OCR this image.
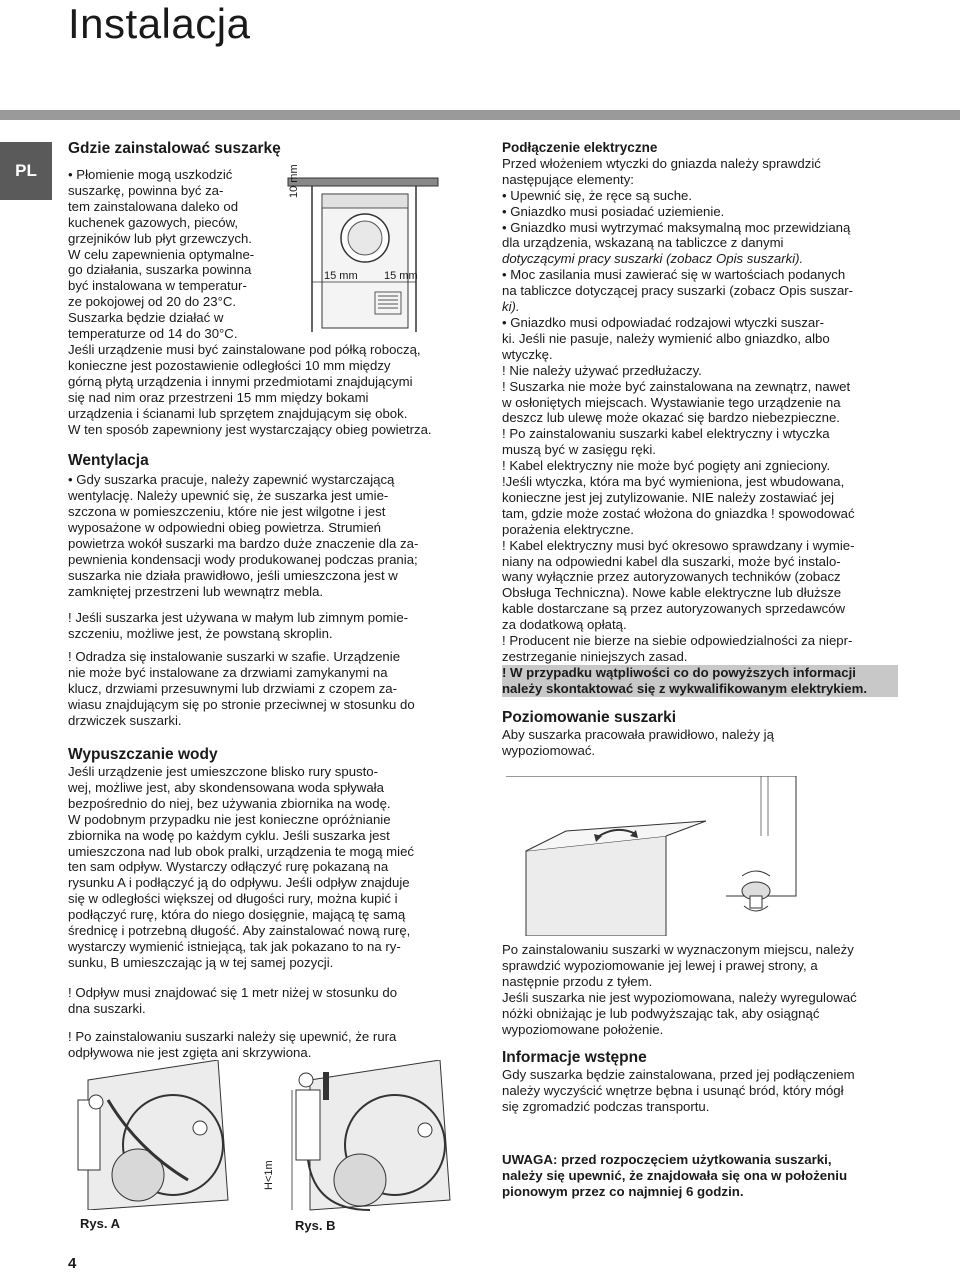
Instalacja
PL

Gdzie zainstalować suszarkę

• Płomienie mogą uszkodzić

suszarkę, powinna być za-

tem zainstalowana daleko od

kuchenek gazowych, pieców,

grzejników lub płyt grzewczych.

W celu zapewnienia optymalne-

go działania, suszarka powinna

być instalowana w temperatur-

ze pokojowej od 20 do 23°C.

Suszarka będzie działać w

temperaturze od 14 do 30°C.

Jeśli urządzenie musi być zainstalowane pod półką roboczą,

konieczne jest pozostawienie odległości 10 mm między

górną płytą urządzenia i innymi przedmiotami znajdującymi

się nad nim oraz przestrzeni 15 mm między bokami

urządzenia i ścianami lub sprzętem znajdującym się obok.

W ten sposób zapewniony jest wystarczający obieg powietrza.

Wentylacja

• Gdy suszarka pracuje, należy zapewnić wystarczającą

wentylację. Należy upewnić się, że suszarka jest umie-

szczona w pomieszczeniu, które nie jest wilgotne i jest

wyposażone w odpowiedni obieg powietrza. Strumień

powietrza wokół suszarki ma bardzo duże znaczenie dla za-

pewnienia kondensacji wody produkowanej podczas prania;

suszarka nie działa prawidłowo, jeśli umieszczona jest w

zamkniętej przestrzeni lub wewnątrz mebla.

! Jeśli suszarka jest używana w małym lub zimnym pomie-

szczeniu, możliwe jest, że powstaną skroplin.

! Odradza się instalowanie suszarki w szafie. Urządzenie

nie może być instalowane za drzwiami zamykanymi na

klucz, drzwiami przesuwnymi lub drzwiami z czopem za-

wiasu znajdującym się po stronie przeciwnej w stosunku do

drzwiczek suszarki.

Wypuszczanie wody

Jeśli urządzenie jest umieszczone blisko rury spusto-

wej, możliwe jest, aby skondensowana woda spływała

bezpośrednio do niej, bez używania zbiornika na wodę.

W podobnym przypadku nie jest konieczne opróżnianie

zbiornika na wodę po każdym cyklu. Jeśli suszarka jest

umieszczona nad lub obok pralki, urządzenia te mogą mieć

ten sam odpływ. Wystarczy odłączyć rurę pokazaną na

rysunku A i podłączyć ją do odpływu. Jeśli odpływ znajduje

się w odległości większej od długości rury, można kupić i

podłączyć rurę, która do niego dosięgnie, mającą tę samą

średnicę i potrzebną długość. Aby zainstalować nową rurę,

wystarczy wymienić istniejącą, tak jak pokazano to na ry-

sunku, B umieszczając ją w tej samej pozycji.

! Odpływ musi znajdować się 1 metr niżej w stosunku do

dna suszarki.

! Po zainstalowaniu suszarki należy się upewnić, że rura

odpływowa nie jest zgięta ani skrzywiona.

10 mm
15 mm 15 mm
H<1m
Rys. A	Rys. B

Podłączenie elektryczne

Przed włożeniem wtyczki do gniazda należy sprawdzić

następujące elementy:

• Upewnić się, że ręce są suche.

• Gniazdko musi posiadać uziemienie.

• Gniazdko musi wytrzymać maksymalną moc przewidzianą

dla urządzenia, wskazaną na tabliczce z danymi

dotyczącymi pracy suszarki (zobacz Opis suszarki).

• Moc zasilania musi zawierać się w wartościach podanych

na tabliczce dotyczącej pracy suszarki (zobacz Opis suszar-

ki).

• Gniazdko musi odpowiadać rodzajowi wtyczki suszar-

ki. Jeśli nie pasuje, należy wymienić albo gniazdko, albo

wtyczkę.

! Nie należy używać przedłużaczy.

! Suszarka nie może być zainstalowana na zewnątrz, nawet

w osłoniętych miejscach. Wystawianie tego urządzenie na

deszcz lub ulewę może okazać się bardzo niebezpieczne.

! Po zainstalowaniu suszarki kabel elektryczny i wtyczka

muszą być w zasięgu ręki.

! Kabel elektryczny nie może być pogięty ani zgnieciony.

!Jeśli wtyczka, która ma być wymieniona, jest wbudowana,

konieczne jest jej zutylizowanie. NIE należy zostawiać jej

tam, gdzie może zostać włożona do gniazdka ! spowodować

porażenia elektryczne.

! Kabel elektryczny musi być okresowo sprawdzany i wymie-

niany na odpowiedni kabel dla suszarki, może być instalo-

wany wyłącznie przez autoryzowanych techników (zobacz

Obsługa Techniczna). Nowe kable elektryczne lub dłuższe

kable dostarczane są przez autoryzowanych sprzedawców

za dodatkową opłatą.

! Producent nie bierze na siebie odpowiedzialności za niepr-

zestrzeganie niniejszych zasad.

! W przypadku wątpliwości co do powyższych informacji

należy skontaktować się z wykwalifikowanym elektrykiem.

Poziomowanie suszarki

Aby suszarka pracowała prawidłowo, należy ją

wypoziomować.

Po zainstalowaniu suszarki w wyznaczonym miejscu, należy

sprawdzić wypoziomowanie jej lewej i prawej strony, a

następnie przodu z tyłem.

Jeśli suszarka nie jest wypoziomowana, należy wyregulować

nóżki obniżając je lub podwyższając tak, aby osiągnąć

wypoziomowane położenie.

Informacje wstępne

Gdy suszarka będzie zainstalowana, przed jej podłączeniem

należy wyczyścić wnętrze bębna i usunąć bród, który mógł

się zgromadzić podczas transportu.

UWAGA: przed rozpoczęciem użytkowania suszarki,

należy się upewnić, że znajdowała się ona w położeniu

pionowym przez co najmniej 6 godzin.

4
